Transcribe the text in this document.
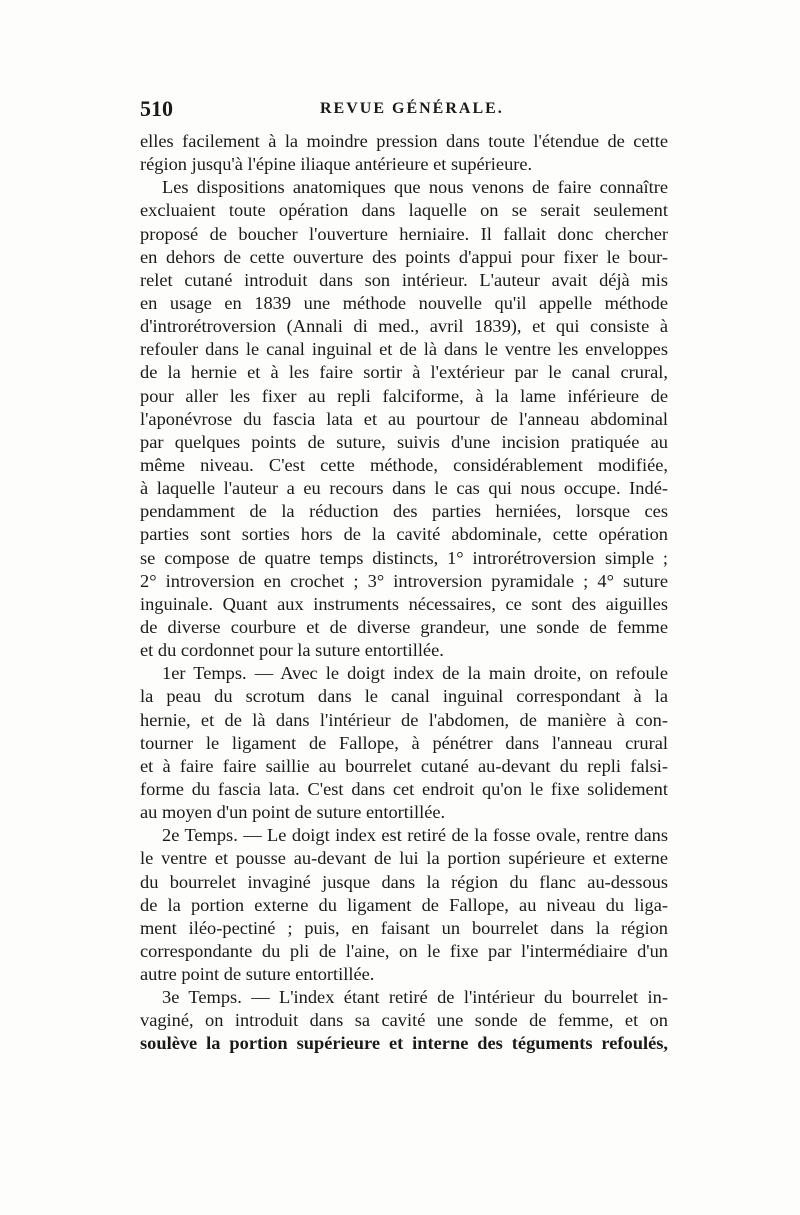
510	REVUE GÉNÉRALE.
elles facilement à la moindre pression dans toute l'étendue de cette
région jusqu'à l'épine iliaque antérieure et supérieure.
Les dispositions anatomiques que nous venons de faire connaître
excluaient toute opération dans laquelle on se serait seulement
proposé de boucher l'ouverture herniaire. Il fallait donc chercher
en dehors de cette ouverture des points d'appui pour fixer le bour-
relet cutané introduit dans son intérieur. L'auteur avait déjà mis
en usage en 1839 une méthode nouvelle qu'il appelle méthode
d'introrétroversion (Annali di med., avril 1839), et qui consiste à
refouler dans le canal inguinal et de là dans le ventre les enveloppes
de la hernie et à les faire sortir à l'extérieur par le canal crural,
pour aller les fixer au repli falciforme, à la lame inférieure de
l'aponévrose du fascia lata et au pourtour de l'anneau abdominal
par quelques points de suture, suivis d'une incision pratiquée au
même niveau. C'est cette méthode, considérablement modifiée,
à laquelle l'auteur a eu recours dans le cas qui nous occupe. Indé-
pendamment de la réduction des parties herniées, lorsque ces
parties sont sorties hors de la cavité abdominale, cette opération
se compose de quatre temps distincts, 1° introrétroversion simple ;
2° introversion en crochet ; 3° introversion pyramidale ; 4° suture
inguinale. Quant aux instruments nécessaires, ce sont des aiguilles
de diverse courbure et de diverse grandeur, une sonde de femme
et du cordonnet pour la suture entortillée.
1er Temps. — Avec le doigt index de la main droite, on refoule
la peau du scrotum dans le canal inguinal correspondant à la
hernie, et de là dans l'intérieur de l'abdomen, de manière à con-
tourner le ligament de Fallope, à pénétrer dans l'anneau crural
et à faire faire saillie au bourrelet cutané au-devant du repli falsi-
forme du fascia lata. C'est dans cet endroit qu'on le fixe solidement
au moyen d'un point de suture entortillée.
2e Temps. — Le doigt index est retiré de la fosse ovale, rentre dans
le ventre et pousse au-devant de lui la portion supérieure et externe
du bourrelet invaginé jusque dans la région du flanc au-dessous
de la portion externe du ligament de Fallope, au niveau du liga-
ment iléo-pectiné ; puis, en faisant un bourrelet dans la région
correspondante du pli de l'aine, on le fixe par l'intermédiaire d'un
autre point de suture entortillée.
3e Temps. — L'index étant retiré de l'intérieur du bourrelet in-
vaginé, on introduit dans sa cavité une sonde de femme, et on
soulève la portion supérieure et interne des téguments refoulés,
